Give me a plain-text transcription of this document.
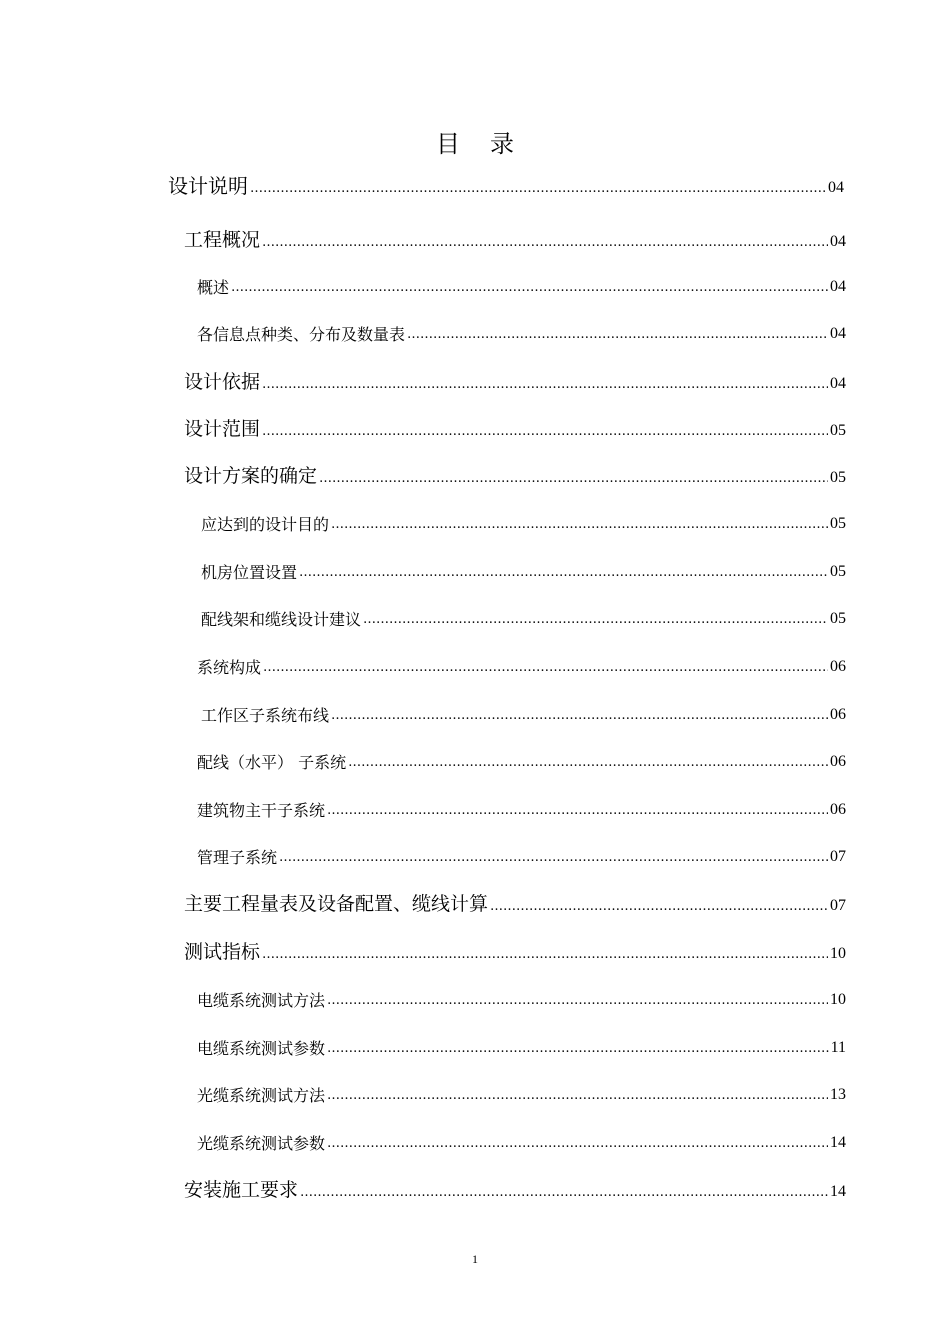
目录
设计说明 ……………………………………………………………………………………………………………………………………………………………………………………………………………………	04
工程概况 ……………………………………………………………………………………………………………………………………………………………………………………………………………………	04
概述 ……………………………………………………………………………………………………………………………………………………………………………………………………………………	04
各信息点种类、分布及数量表 ……………………………………………………………………………………………………………………………………………………………………………………………………………………	04
设计依据 ……………………………………………………………………………………………………………………………………………………………………………………………………………………	04
设计范围 ……………………………………………………………………………………………………………………………………………………………………………………………………………………	05
设计方案的确定 ……………………………………………………………………………………………………………………………………………………………………………………………………………………	05
应达到的设计目的 ……………………………………………………………………………………………………………………………………………………………………………………………………………………	05
机房位置设置 ……………………………………………………………………………………………………………………………………………………………………………………………………………………	05
配线架和缆线设计建议 ……………………………………………………………………………………………………………………………………………………………………………………………………………………	05
系统构成 ……………………………………………………………………………………………………………………………………………………………………………………………………………………	06
工作区子系统布线 ……………………………………………………………………………………………………………………………………………………………………………………………………………………	06
配线（水平） 子系统 ……………………………………………………………………………………………………………………………………………………………………………………………………………………	06
建筑物主干子系统 ……………………………………………………………………………………………………………………………………………………………………………………………………………………	06
管理子系统 ……………………………………………………………………………………………………………………………………………………………………………………………………………………	07
主要工程量表及设备配置、缆线计算 ……………………………………………………………………………………………………………………………………………………………………………………………………………………	07
测试指标 ……………………………………………………………………………………………………………………………………………………………………………………………………………………	10
电缆系统测试方法 ……………………………………………………………………………………………………………………………………………………………………………………………………………………	10
电缆系统测试参数 ……………………………………………………………………………………………………………………………………………………………………………………………………………………	11
光缆系统测试方法 ……………………………………………………………………………………………………………………………………………………………………………………………………………………	13
光缆系统测试参数 ……………………………………………………………………………………………………………………………………………………………………………………………………………………	14
安装施工要求 ……………………………………………………………………………………………………………………………………………………………………………………………………………………	14
1
